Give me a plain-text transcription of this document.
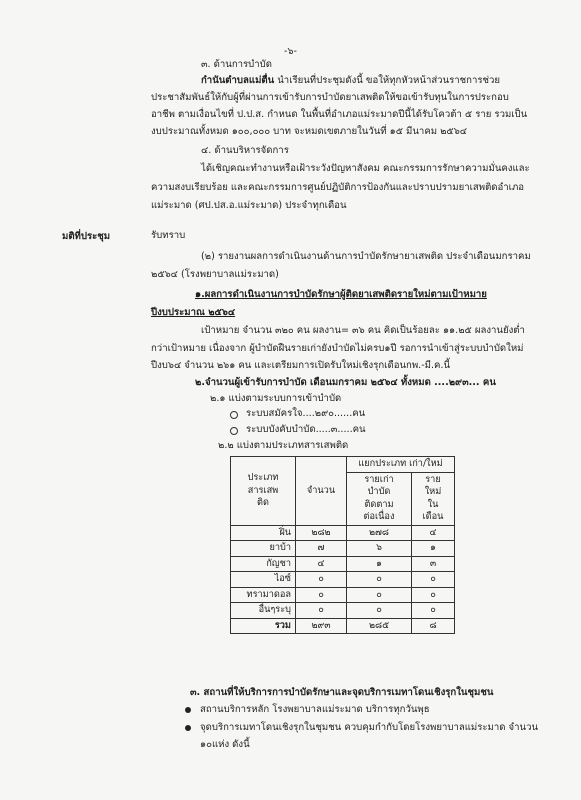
-๖-
๓. ด้านการบำบัด
กำนันตำบลแม่ตื่น นำเรียนที่ประชุมดังนี้ ขอให้ทุกหัวหน้าส่วนราชการช่วย
ประชาสัมพันธ์ให้กับผู้ที่ผ่านการเข้ารับการบำบัดยาเสพติดให้ขอเข้ารับทุนในการประกอบ
อาชีพ ตามเงื่อนไขที่ ป.ป.ส. กำหนด ในพื้นที่อำเภอแม่ระมาดปีนี้ได้รับโควต้า ๕ ราย รวมเป็น
งบประมาณทั้งหมด ๑๐๐,๐๐๐ บาท จะหมดเขตภายในวันที่ ๑๕ มีนาคม ๒๕๖๔
๔. ด้านบริหารจัดการ
ได้เชิญคณะทำงานหรือเฝ้าระวังปัญหาสังคม คณะกรรมการรักษาความมั่นคงและ
ความสงบเรียบร้อย และคณะกรรมการศูนย์ปฏิบัติการป้องกันและปราบปรามยาเสพติดอำเภอ
แม่ระมาด (ศป.ปส.อ.แม่ระมาด) ประจำทุกเดือน
มติที่ประชุม	รับทราบ
(๒) รายงานผลการดำเนินงานด้านการบำบัดรักษายาเสพติด ประจำเดือนมกราคม
๒๕๖๔ (โรงพยาบาลแม่ระมาด)
๑.ผลการดำเนินงานการบำบัดรักษาผู้ติดยาเสพติดรายใหม่ตามเป้าหมาย
ปีงบประมาณ ๒๕๖๔
เป้าหมาย จำนวน ๓๒๐ คน ผลงาน= ๓๖ คน คิดเป็นร้อยละ ๑๑.๒๕ ผลงานยังต่ำ
กว่าเป้าหมาย เนื่องจาก ผู้บำบัดฝืนรายเก่ายังบำบัดไม่ครบ๑ปี รอการนำเข้าสู่ระบบบำบัดใหม่
ปีงบ๖๔ จำนวน ๒๖๑ คน และเตรียมการเปิดรับใหม่เชิงรุกเดือนกพ.-มี.ค.นี้
๒.จำนวนผู้เข้ารับการบำบัด เดือนมกราคม ๒๕๖๔ ทั้งหมด ....๒๙๓... คน
๒.๑ แบ่งตามระบบการเข้าบำบัด
ระบบสมัครใจ....๒๙๐......คน
ระบบบังคับบำบัด.....๓.....คน
๒.๒ แบ่งตามประเภทสารเสพติด
ประเภท
สารเสพ
ติด	จำนวน	แยกประเภท เก่า/ใหม่	
		รายเก่า
บำบัด
ติดตาม
ต่อเนื่อง	ราย
ใหม่
ใน
เดือน
ฝิ่น	๒๘๒	๒๗๘	๔
ยาบ้า	๗	๖	๑
กัญชา	๔	๑	๓
ไอซ์	๐	๐	๐
ทรามาดอล	๐	๐	๐
อื่นๆระบุ	๐	๐	๐
รวม	๒๙๓	๒๘๕	๘
๓. สถานที่ให้บริการการบำบัดรักษาและจุดบริการเมทาโดนเชิงรุกในชุมชน
สถานบริการหลัก โรงพยาบาลแม่ระมาด บริการทุกวันพุธ
จุดบริการเมทาโดนเชิงรุกในชุมชน ควบคุมกำกับโดยโรงพยาบาลแม่ระมาด จำนวน
๑๐แห่ง ดังนี้
